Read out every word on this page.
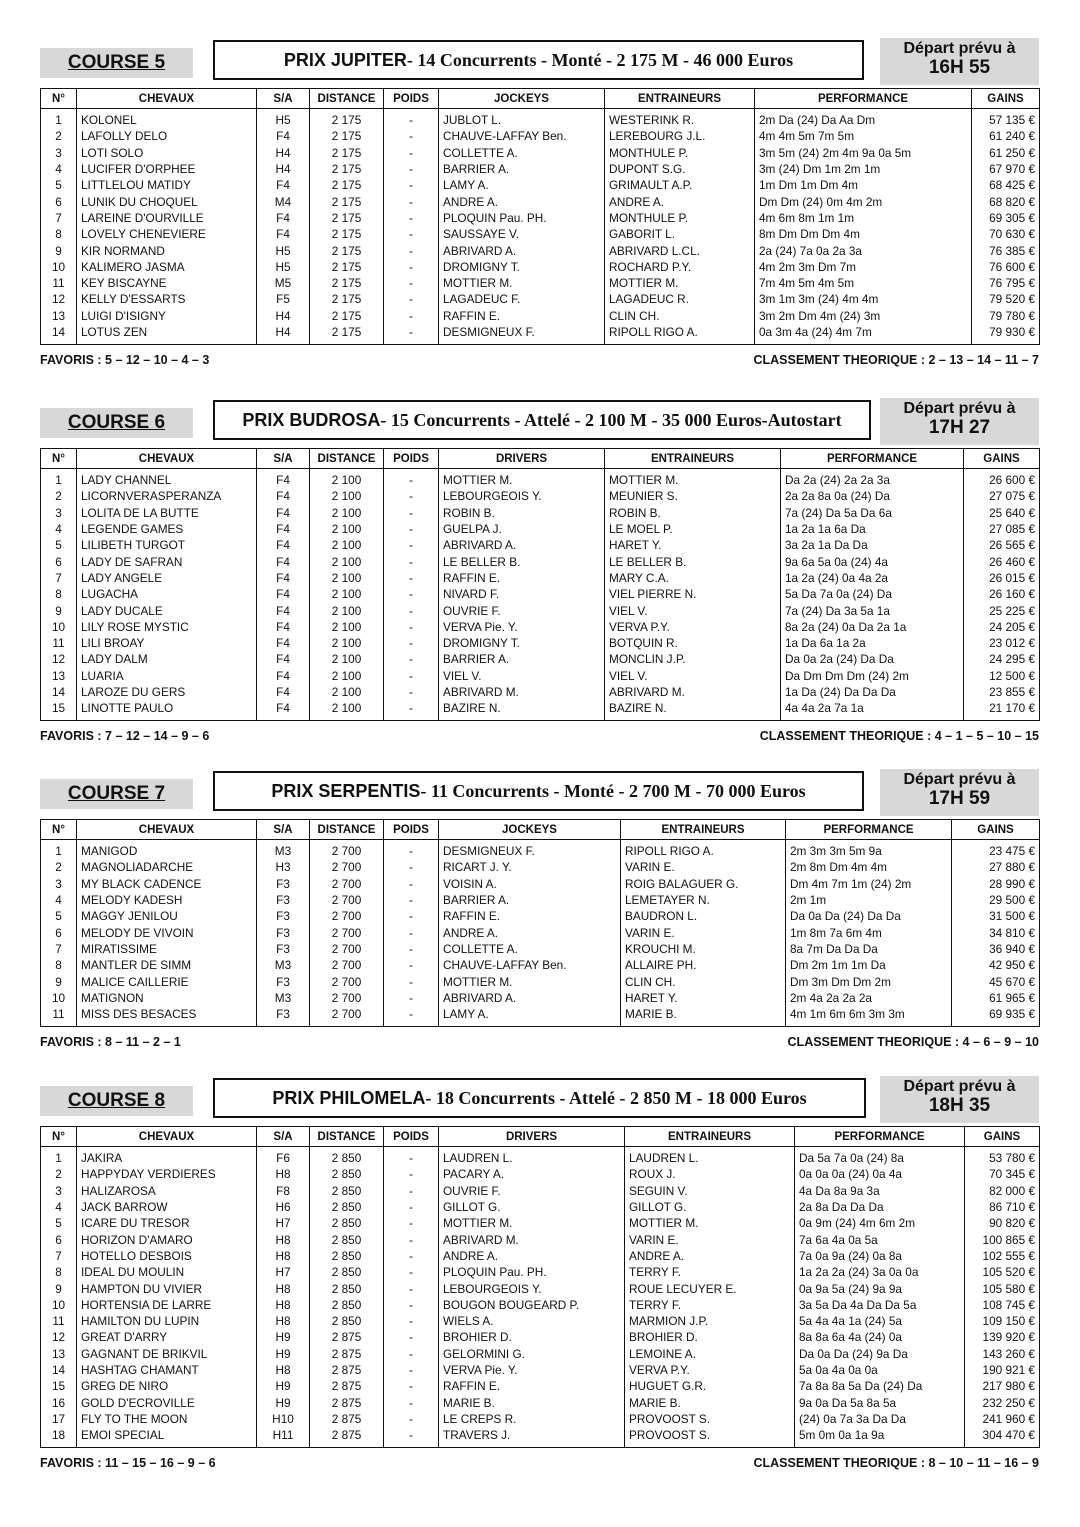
COURSE 5	PRIX JUPITER - 14 Concurrents - Monté - 2 175 M - 46 000 Euros
Départ prévu à
16H 55
N°	CHEVAUX	S/A	DISTANCE	POIDS	JOCKEYS	ENTRAINEURS	PERFORMANCE	GAINS
1	KOLONEL	H5	2 175	-	JUBLOT L.	WESTERINK R.	2m Da (24) Da Aa Dm	57 135 €
2	LAFOLLY DELO	F4	2 175	-	CHAUVE-LAFFAY Ben.	LEREBOURG J.L.	4m 4m 5m 7m 5m	61 240 €
3	LOTI SOLO	H4	2 175	-	COLLETTE A.	MONTHULE P.	3m 5m (24) 2m 4m 9a 0a 5m	61 250 €
4	LUCIFER D'ORPHEE	H4	2 175	-	BARRIER A.	DUPONT S.G.	3m (24) Dm 1m 2m 1m	67 970 €
5	LITTLELOU MATIDY	F4	2 175	-	LAMY A.	GRIMAULT A.P.	1m Dm 1m Dm 4m	68 425 €
6	LUNIK DU CHOQUEL	M4	2 175	-	ANDRE A.	ANDRE A.	Dm Dm (24) 0m 4m 2m	68 820 €
7	LAREINE D'OURVILLE	F4	2 175	-	PLOQUIN Pau. PH.	MONTHULE P.	4m 6m 8m 1m 1m	69 305 €
8	LOVELY CHENEVIERE	F4	2 175	-	SAUSSAYE V.	GABORIT L.	8m Dm Dm Dm 4m	70 630 €
9	KIR NORMAND	H5	2 175	-	ABRIVARD A.	ABRIVARD L.CL.	2a (24) 7a 0a 2a 3a	76 385 €
10	KALIMERO JASMA	H5	2 175	-	DROMIGNY T.	ROCHARD P.Y.	4m 2m 3m Dm 7m	76 600 €
11	KEY BISCAYNE	M5	2 175	-	MOTTIER M.	MOTTIER M.	7m 4m 5m 4m 5m	76 795 €
12	KELLY D'ESSARTS	F5	2 175	-	LAGADEUC F.	LAGADEUC R.	3m 1m 3m (24) 4m 4m	79 520 €
13	LUIGI D'ISIGNY	H4	2 175	-	RAFFIN E.	CLIN CH.	3m 2m Dm 4m (24) 3m	79 780 €
14	LOTUS ZEN	H4	2 175	-	DESMIGNEUX F.	RIPOLL RIGO A.	0a 3m 4a (24) 4m 7m	79 930 €
FAVORIS : 5 – 12 – 10 – 4 – 3	CLASSEMENT THEORIQUE : 2 – 13 – 14 – 11 – 7
COURSE 6	PRIX BUDROSA - 15 Concurrents - Attelé - 2 100 M - 35 000 Euros-Autostart
Départ prévu à
17H 27
N°	CHEVAUX	S/A	DISTANCE	POIDS	DRIVERS	ENTRAINEURS	PERFORMANCE	GAINS
1	LADY CHANNEL	F4	2 100	-	MOTTIER M.	MOTTIER M.	Da 2a (24) 2a 2a 3a	26 600 €
2	LICORNVERASPERANZA	F4	2 100	-	LEBOURGEOIS Y.	MEUNIER S.	2a 2a 8a 0a (24) Da	27 075 €
3	LOLITA DE LA BUTTE	F4	2 100	-	ROBIN B.	ROBIN B.	7a (24) Da 5a Da 6a	25 640 €
4	LEGENDE GAMES	F4	2 100	-	GUELPA J.	LE MOEL P.	1a 2a 1a 6a Da	27 085 €
5	LILIBETH TURGOT	F4	2 100	-	ABRIVARD A.	HARET Y.	3a 2a 1a Da Da	26 565 €
6	LADY DE SAFRAN	F4	2 100	-	LE BELLER B.	LE BELLER B.	9a 6a 5a 0a (24) 4a	26 460 €
7	LADY ANGELE	F4	2 100	-	RAFFIN E.	MARY C.A.	1a 2a (24) 0a 4a 2a	26 015 €
8	LUGACHA	F4	2 100	-	NIVARD F.	VIEL PIERRE N.	5a Da 7a 0a (24) Da	26 160 €
9	LADY DUCALE	F4	2 100	-	OUVRIE F.	VIEL V.	7a (24) Da 3a 5a 1a	25 225 €
10	LILY ROSE MYSTIC	F4	2 100	-	VERVA Pie. Y.	VERVA P.Y.	8a 2a (24) 0a Da 2a 1a	24 205 €
11	LILI BROAY	F4	2 100	-	DROMIGNY T.	BOTQUIN R.	1a Da 6a 1a 2a	23 012 €
12	LADY DALM	F4	2 100	-	BARRIER A.	MONCLIN J.P.	Da 0a 2a (24) Da Da	24 295 €
13	LUARIA	F4	2 100	-	VIEL V.	VIEL V.	Da Dm Dm Dm (24) 2m	12 500 €
14	LAROZE DU GERS	F4	2 100	-	ABRIVARD M.	ABRIVARD M.	1a Da (24) Da Da Da	23 855 €
15	LINOTTE PAULO	F4	2 100	-	BAZIRE N.	BAZIRE N.	4a 4a 2a 7a 1a	21 170 €
FAVORIS : 7 – 12 – 14 – 9 – 6	CLASSEMENT THEORIQUE : 4 – 1 – 5 – 10 – 15
COURSE 7	PRIX SERPENTIS - 11 Concurrents - Monté - 2 700 M - 70 000 Euros
Départ prévu à
17H 59
N°	CHEVAUX	S/A	DISTANCE	POIDS	JOCKEYS	ENTRAINEURS	PERFORMANCE	GAINS
1	MANIGOD	M3	2 700	-	DESMIGNEUX F.	RIPOLL RIGO A.	2m 3m 3m 5m 9a	23 475 €
2	MAGNOLIADARCHE	H3	2 700	-	RICART J. Y.	VARIN E.	2m 8m Dm 4m 4m	27 880 €
3	MY BLACK CADENCE	F3	2 700	-	VOISIN A.	ROIG BALAGUER G.	Dm 4m 7m 1m (24) 2m	28 990 €
4	MELODY KADESH	F3	2 700	-	BARRIER A.	LEMETAYER N.	2m 1m	29 500 €
5	MAGGY JENILOU	F3	2 700	-	RAFFIN E.	BAUDRON L.	Da 0a Da (24) Da Da	31 500 €
6	MELODY DE VIVOIN	F3	2 700	-	ANDRE A.	VARIN E.	1m 8m 7a 6m 4m	34 810 €
7	MIRATISSIME	F3	2 700	-	COLLETTE A.	KROUCHI M.	8a 7m Da Da Da	36 940 €
8	MANTLER DE SIMM	M3	2 700	-	CHAUVE-LAFFAY Ben.	ALLAIRE PH.	Dm 2m 1m 1m Da	42 950 €
9	MALICE CAILLERIE	F3	2 700	-	MOTTIER M.	CLIN CH.	Dm 3m Dm Dm 2m	45 670 €
10	MATIGNON	M3	2 700	-	ABRIVARD A.	HARET Y.	2m 4a 2a 2a 2a	61 965 €
11	MISS DES BESACES	F3	2 700	-	LAMY A.	MARIE B.	4m 1m 6m 6m 3m 3m	69 935 €
FAVORIS : 8 – 11 – 2 – 1	CLASSEMENT THEORIQUE : 4 – 6 – 9 – 10
COURSE 8	PRIX PHILOMELA - 18 Concurrents - Attelé - 2 850 M - 18 000 Euros
Départ prévu à
18H 35
N°	CHEVAUX	S/A	DISTANCE	POIDS	DRIVERS	ENTRAINEURS	PERFORMANCE	GAINS
1	JAKIRA	F6	2 850	-	LAUDREN L.	LAUDREN L.	Da 5a 7a 0a (24) 8a	53 780 €
2	HAPPYDAY VERDIERES	H8	2 850	-	PACARY A.	ROUX J.	0a 0a 0a (24) 0a 4a	70 345 €
3	HALIZAROSA	F8	2 850	-	OUVRIE F.	SEGUIN V.	4a Da 8a 9a 3a	82 000 €
4	JACK BARROW	H6	2 850	-	GILLOT G.	GILLOT G.	2a 8a Da Da Da	86 710 €
5	ICARE DU TRESOR	H7	2 850	-	MOTTIER M.	MOTTIER M.	0a 9m (24) 4m 6m 2m	90 820 €
6	HORIZON D'AMARO	H8	2 850	-	ABRIVARD M.	VARIN E.	7a 6a 4a 0a 5a	100 865 €
7	HOTELLO DESBOIS	H8	2 850	-	ANDRE A.	ANDRE A.	7a 0a 9a (24) 0a 8a	102 555 €
8	IDEAL DU MOULIN	H7	2 850	-	PLOQUIN Pau. PH.	TERRY F.	1a 2a 2a (24) 3a 0a 0a	105 520 €
9	HAMPTON DU VIVIER	H8	2 850	-	LEBOURGEOIS Y.	ROUE LECUYER E.	0a 9a 5a (24) 9a 9a	105 580 €
10	HORTENSIA DE LARRE	H8	2 850	-	BOUGON BOUGEARD P.	TERRY F.	3a 5a Da 4a Da Da 5a	108 745 €
11	HAMILTON DU LUPIN	H8	2 850	-	WIELS A.	MARMION J.P.	5a 4a 4a 1a (24) 5a	109 150 €
12	GREAT D'ARRY	H9	2 875	-	BROHIER D.	BROHIER D.	8a 8a 6a 4a (24) 0a	139 920 €
13	GAGNANT DE BRIKVIL	H9	2 875	-	GELORMINI G.	LEMOINE A.	Da 0a Da (24) 9a Da	143 260 €
14	HASHTAG CHAMANT	H8	2 875	-	VERVA Pie. Y.	VERVA P.Y.	5a 0a 4a 0a 0a	190 921 €
15	GREG DE NIRO	H9	2 875	-	RAFFIN E.	HUGUET G.R.	7a 8a 8a 5a Da (24) Da	217 980 €
16	GOLD D'ECROVILLE	H9	2 875	-	MARIE B.	MARIE B.	9a 0a Da 5a 8a 5a	232 250 €
17	FLY TO THE MOON	H10	2 875	-	LE CREPS R.	PROVOOST S.	(24) 0a 7a 3a Da Da	241 960 €
18	EMOI SPECIAL	H11	2 875	-	TRAVERS J.	PROVOOST S.	5m 0m 0a 1a 9a	304 470 €
FAVORIS : 11 – 15 – 16 – 9 – 6	CLASSEMENT THEORIQUE : 8 – 10 – 11 – 16 – 9
